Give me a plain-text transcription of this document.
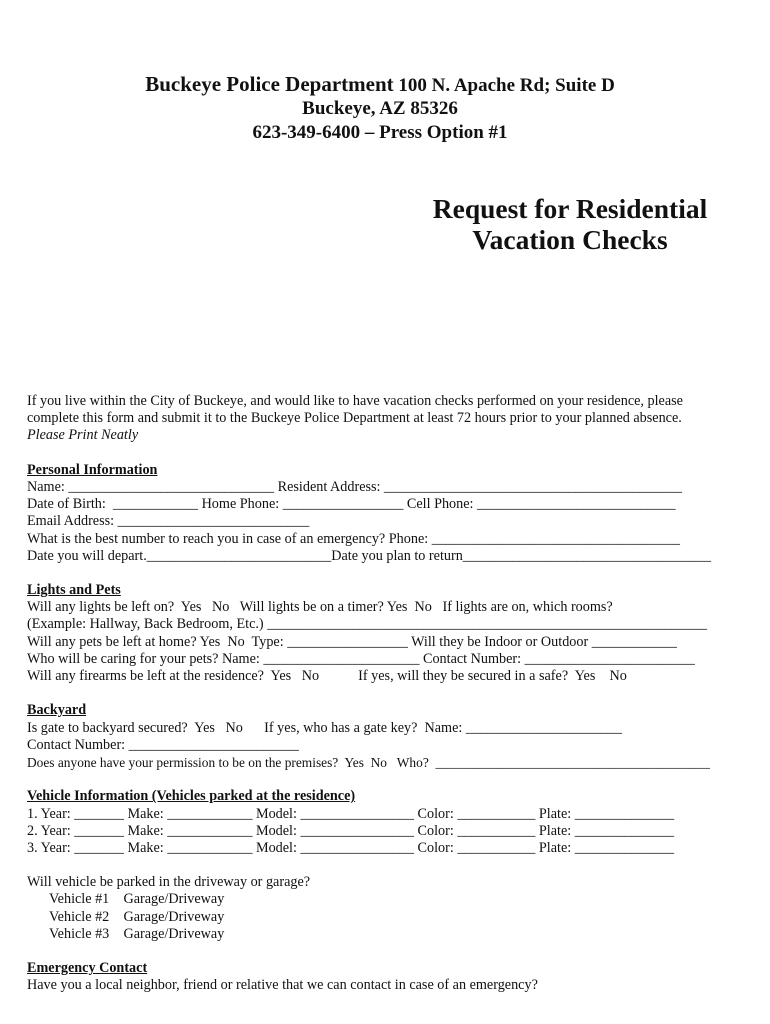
Buckeye Police Department 100 N. Apache Rd; Suite D
Buckeye, AZ 85326
623-349-6400 – Press Option #1
Request for Residential
Vacation Checks
If you live within the City of Buckeye, and would like to have vacation checks performed on your residence, please
complete this form and submit it to the Buckeye Police Department at least 72 hours prior to your planned absence.
Please Print Neatly
Personal Information
Name: _____________________________ Resident Address: __________________________________________
Date of Birth:  ____________ Home Phone: _________________ Cell Phone: ____________________________
Email Address: ___________________________
What is the best number to reach you in case of an emergency? Phone: ___________________________________
Date you will depart.__________________________Date you plan to return___________________________________
Lights and Pets
Will any lights be left on?  Yes   No   Will lights be on a timer? Yes  No   If lights are on, which rooms?
(Example: Hallway, Back Bedroom, Etc.) ______________________________________________________________
Will any pets be left at home? Yes  No  Type: _________________ Will they be Indoor or Outdoor ____________
Who will be caring for your pets? Name: ______________________ Contact Number: ________________________
Will any firearms be left at the residence?  Yes   No           If yes, will they be secured in a safe?  Yes    No
Backyard
Is gate to backyard secured?  Yes   No      If yes, who has a gate key?  Name: ______________________
Contact Number: ________________________
Does anyone have your permission to be on the premises?  Yes  No   Who?  _________________________________________
Vehicle Information (Vehicles parked at the residence)
1. Year: _______ Make: ____________ Model: ________________ Color: ___________ Plate: ______________
2. Year: _______ Make: ____________ Model: ________________ Color: ___________ Plate: ______________
3. Year: _______ Make: ____________ Model: ________________ Color: ___________ Plate: ______________
Will vehicle be parked in the driveway or garage?
Vehicle #1    Garage/Driveway
Vehicle #2    Garage/Driveway
Vehicle #3    Garage/Driveway
Emergency Contact
Have you a local neighbor, friend or relative that we can contact in case of an emergency?
